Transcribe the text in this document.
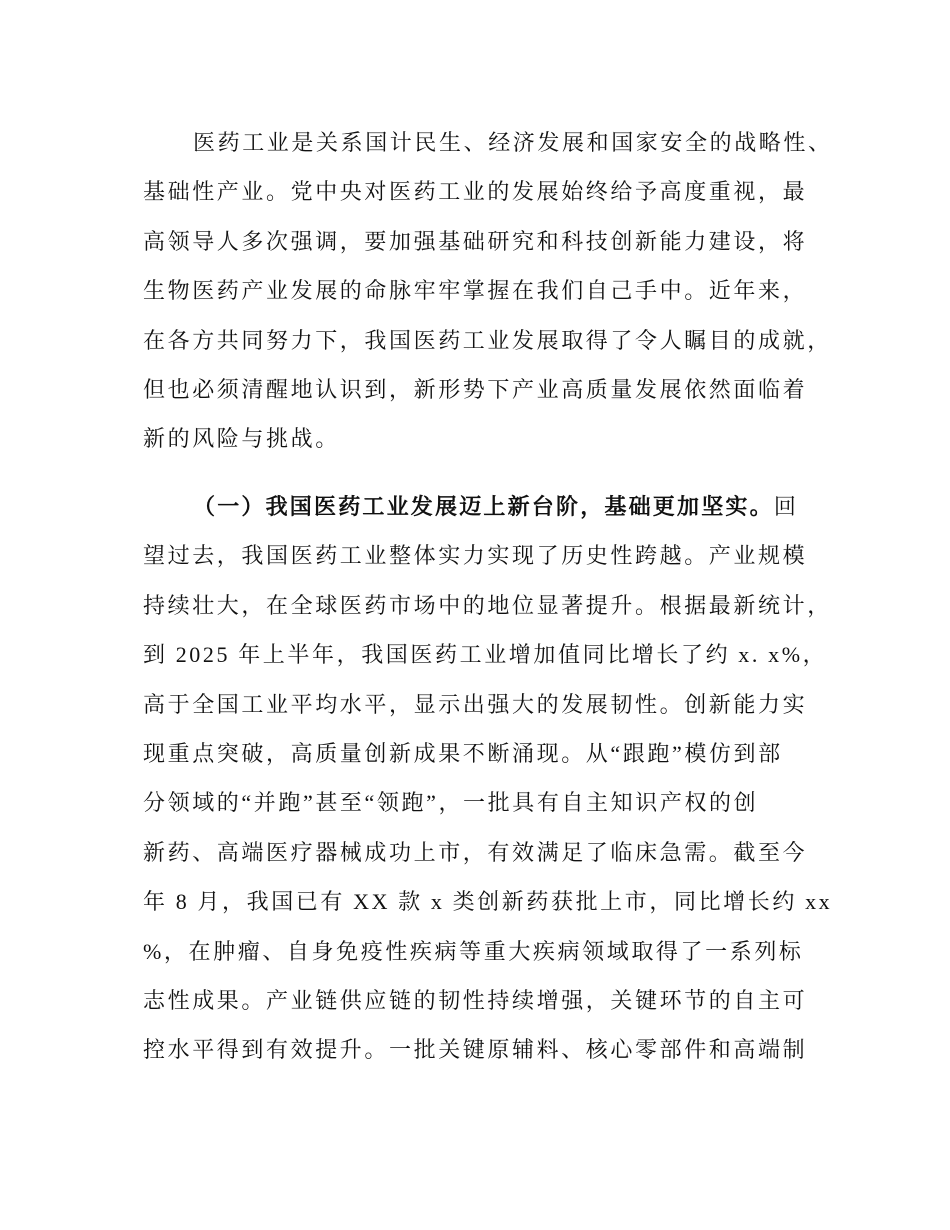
医药工业是关系国计民生、经济发展和国家安全的战略性、
基础性产业。党中央对医药工业的发展始终给予高度重视，最
高领导人多次强调，要加强基础研究和科技创新能力建设，将
生物医药产业发展的命脉牢牢掌握在我们自己手中。近年来，
在各方共同努力下，我国医药工业发展取得了令人瞩目的成就，
但也必须清醒地认识到，新形势下产业高质量发展依然面临着
新的风险与挑战。
（一）我国医药工业发展迈上新台阶，基础更加坚实。回
望过去，我国医药工业整体实力实现了历史性跨越。产业规模
持续壮大，在全球医药市场中的地位显著提升。根据最新统计，
到 2025 年上半年，我国医药工业增加值同比增长了约 x. x%，
高于全国工业平均水平，显示出强大的发展韧性。创新能力实
现重点突破，高质量创新成果不断涌现。从“跟跑”模仿到部
分领域的“并跑”甚至“领跑”，一批具有自主知识产权的创
新药、高端医疗器械成功上市，有效满足了临床急需。截至今
年 8 月，我国已有 XX 款 x 类创新药获批上市，同比增长约 xx
%，在肿瘤、自身免疫性疾病等重大疾病领域取得了一系列标
志性成果。产业链供应链的韧性持续增强，关键环节的自主可
控水平得到有效提升。一批关键原辅料、核心零部件和高端制
